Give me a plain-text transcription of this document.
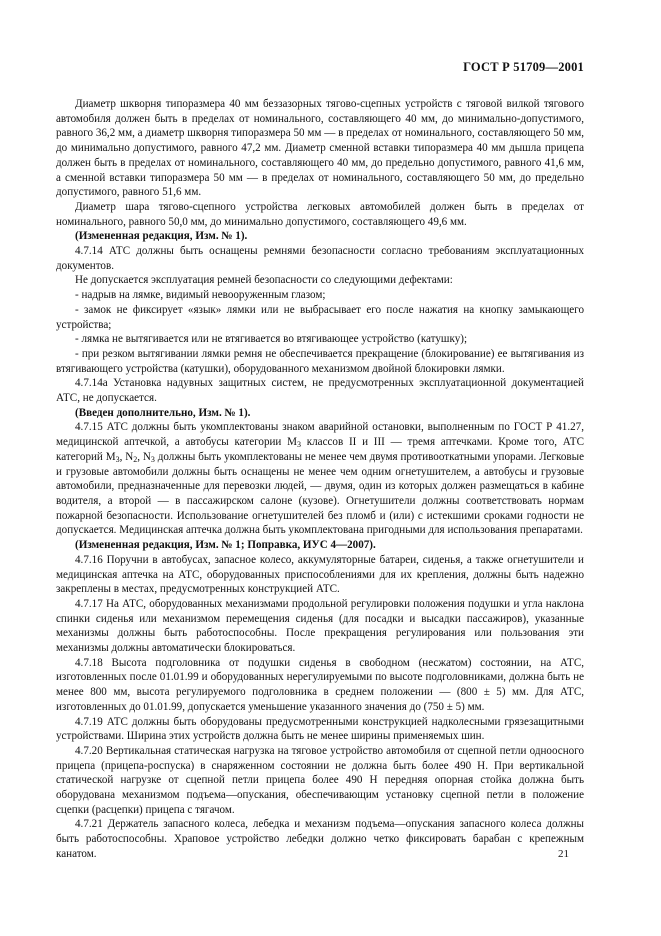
ГОСТ Р 51709—2001

Диаметр шкворня типоразмера 40 мм беззазорных тягово-сцепных устройств с тяговой вилкой тягового автомобиля должен быть в пределах от номинального, составляющего 40 мм, до минимально-допустимого, равного 36,2 мм, а диаметр шкворня типоразмера 50 мм — в пределах от номинального, составляющего 50 мм, до минимально допустимого, равного 47,2 мм. Диаметр сменной вставки типоразмера 40 мм дышла прицепа должен быть в пределах от номинального, составляющего 40 мм, до предельно допустимого, равного 41,6 мм, а сменной вставки типоразмера 50 мм — в пределах от номинального, составляющего 50 мм, до предельно допустимого, равного 51,6 мм.

Диаметр шара тягово-сцепного устройства легковых автомобилей должен быть в пределах от номинального, равного 50,0 мм, до минимально допустимого, составляющего 49,6 мм.

(Измененная редакция, Изм. № 1).

4.7.14 АТС должны быть оснащены ремнями безопасности согласно требованиям эксплуатационных документов.

Не допускается эксплуатация ремней безопасности со следующими дефектами:

- надрыв на лямке, видимый невооруженным глазом;

- замок не фиксирует «язык» лямки или не выбрасывает его после нажатия на кнопку замыкающего устройства;

- лямка не вытягивается или не втягивается во втягивающее устройство (катушку);

- при резком вытягивании лямки ремня не обеспечивается прекращение (блокирование) ее вытягивания из втягивающего устройства (катушки), оборудованного механизмом двойной блокировки лямки.

4.7.14а Установка надувных защитных систем, не предусмотренных эксплуатационной документацией АТС, не допускается.

(Введен дополнительно, Изм. № 1).

4.7.15 АТС должны быть укомплектованы знаком аварийной остановки, выполненным по ГОСТ Р 41.27, медицинской аптечкой, а автобусы категории $M_3$ классов II и III — тремя аптечками. Кроме того, АТС категорий $M_3$, $N_2$, $N_3$ должны быть укомплектованы не менее чем двумя противооткатными упорами. Легковые и грузовые автомобили должны быть оснащены не менее чем одним огнетушителем, а автобусы и грузовые автомобили, предназначенные для перевозки людей, — двумя, один из которых должен размещаться в кабине водителя, а второй — в пассажирском салоне (кузове). Огнетушители должны соответствовать нормам пожарной безопасности. Использование огнетушителей без пломб и (или) с истекшими сроками годности не допускается. Медицинская аптечка должна быть укомплектована пригодными для использования препаратами.

(Измененная редакция, Изм. № 1; Поправка, ИУС 4—2007).

4.7.16 Поручни в автобусах, запасное колесо, аккумуляторные батареи, сиденья, а также огнетушители и медицинская аптечка на АТС, оборудованных приспособлениями для их крепления, должны быть надежно закреплены в местах, предусмотренных конструкцией АТС.

4.7.17 На АТС, оборудованных механизмами продольной регулировки положения подушки и угла наклона спинки сиденья или механизмом перемещения сиденья (для посадки и высадки пассажиров), указанные механизмы должны быть работоспособны. После прекращения регулирования или пользования эти механизмы должны автоматически блокироваться.

4.7.18 Высота подголовника от подушки сиденья в свободном (несжатом) состоянии, на АТС, изготовленных после 01.01.99 и оборудованных нерегулируемыми по высоте подголовниками, должна быть не менее 800 мм, высота регулируемого подголовника в среднем положении — (800 ± 5) мм. Для АТС, изготовленных до 01.01.99, допускается уменьшение указанного значения до (750 ± 5) мм.

4.7.19 АТС должны быть оборудованы предусмотренными конструкцией надколесными грязезащитными устройствами. Ширина этих устройств должна быть не менее ширины применяемых шин.

4.7.20 Вертикальная статическая нагрузка на тяговое устройство автомобиля от сцепной петли одноосного прицепа (прицепа-роспуска) в снаряженном состоянии не должна быть более 490 Н. При вертикальной статической нагрузке от сцепной петли прицепа более 490 Н передняя опорная стойка должна быть оборудована механизмом подъема—опускания, обеспечивающим установку сцепной петли в положение сцепки (расцепки) прицепа с тягачом.

4.7.21 Держатель запасного колеса, лебедка и механизм подъема—опускания запасного колеса должны быть работоспособны. Храповое устройство лебедки должно четко фиксировать барабан с крепежным канатом.	21
